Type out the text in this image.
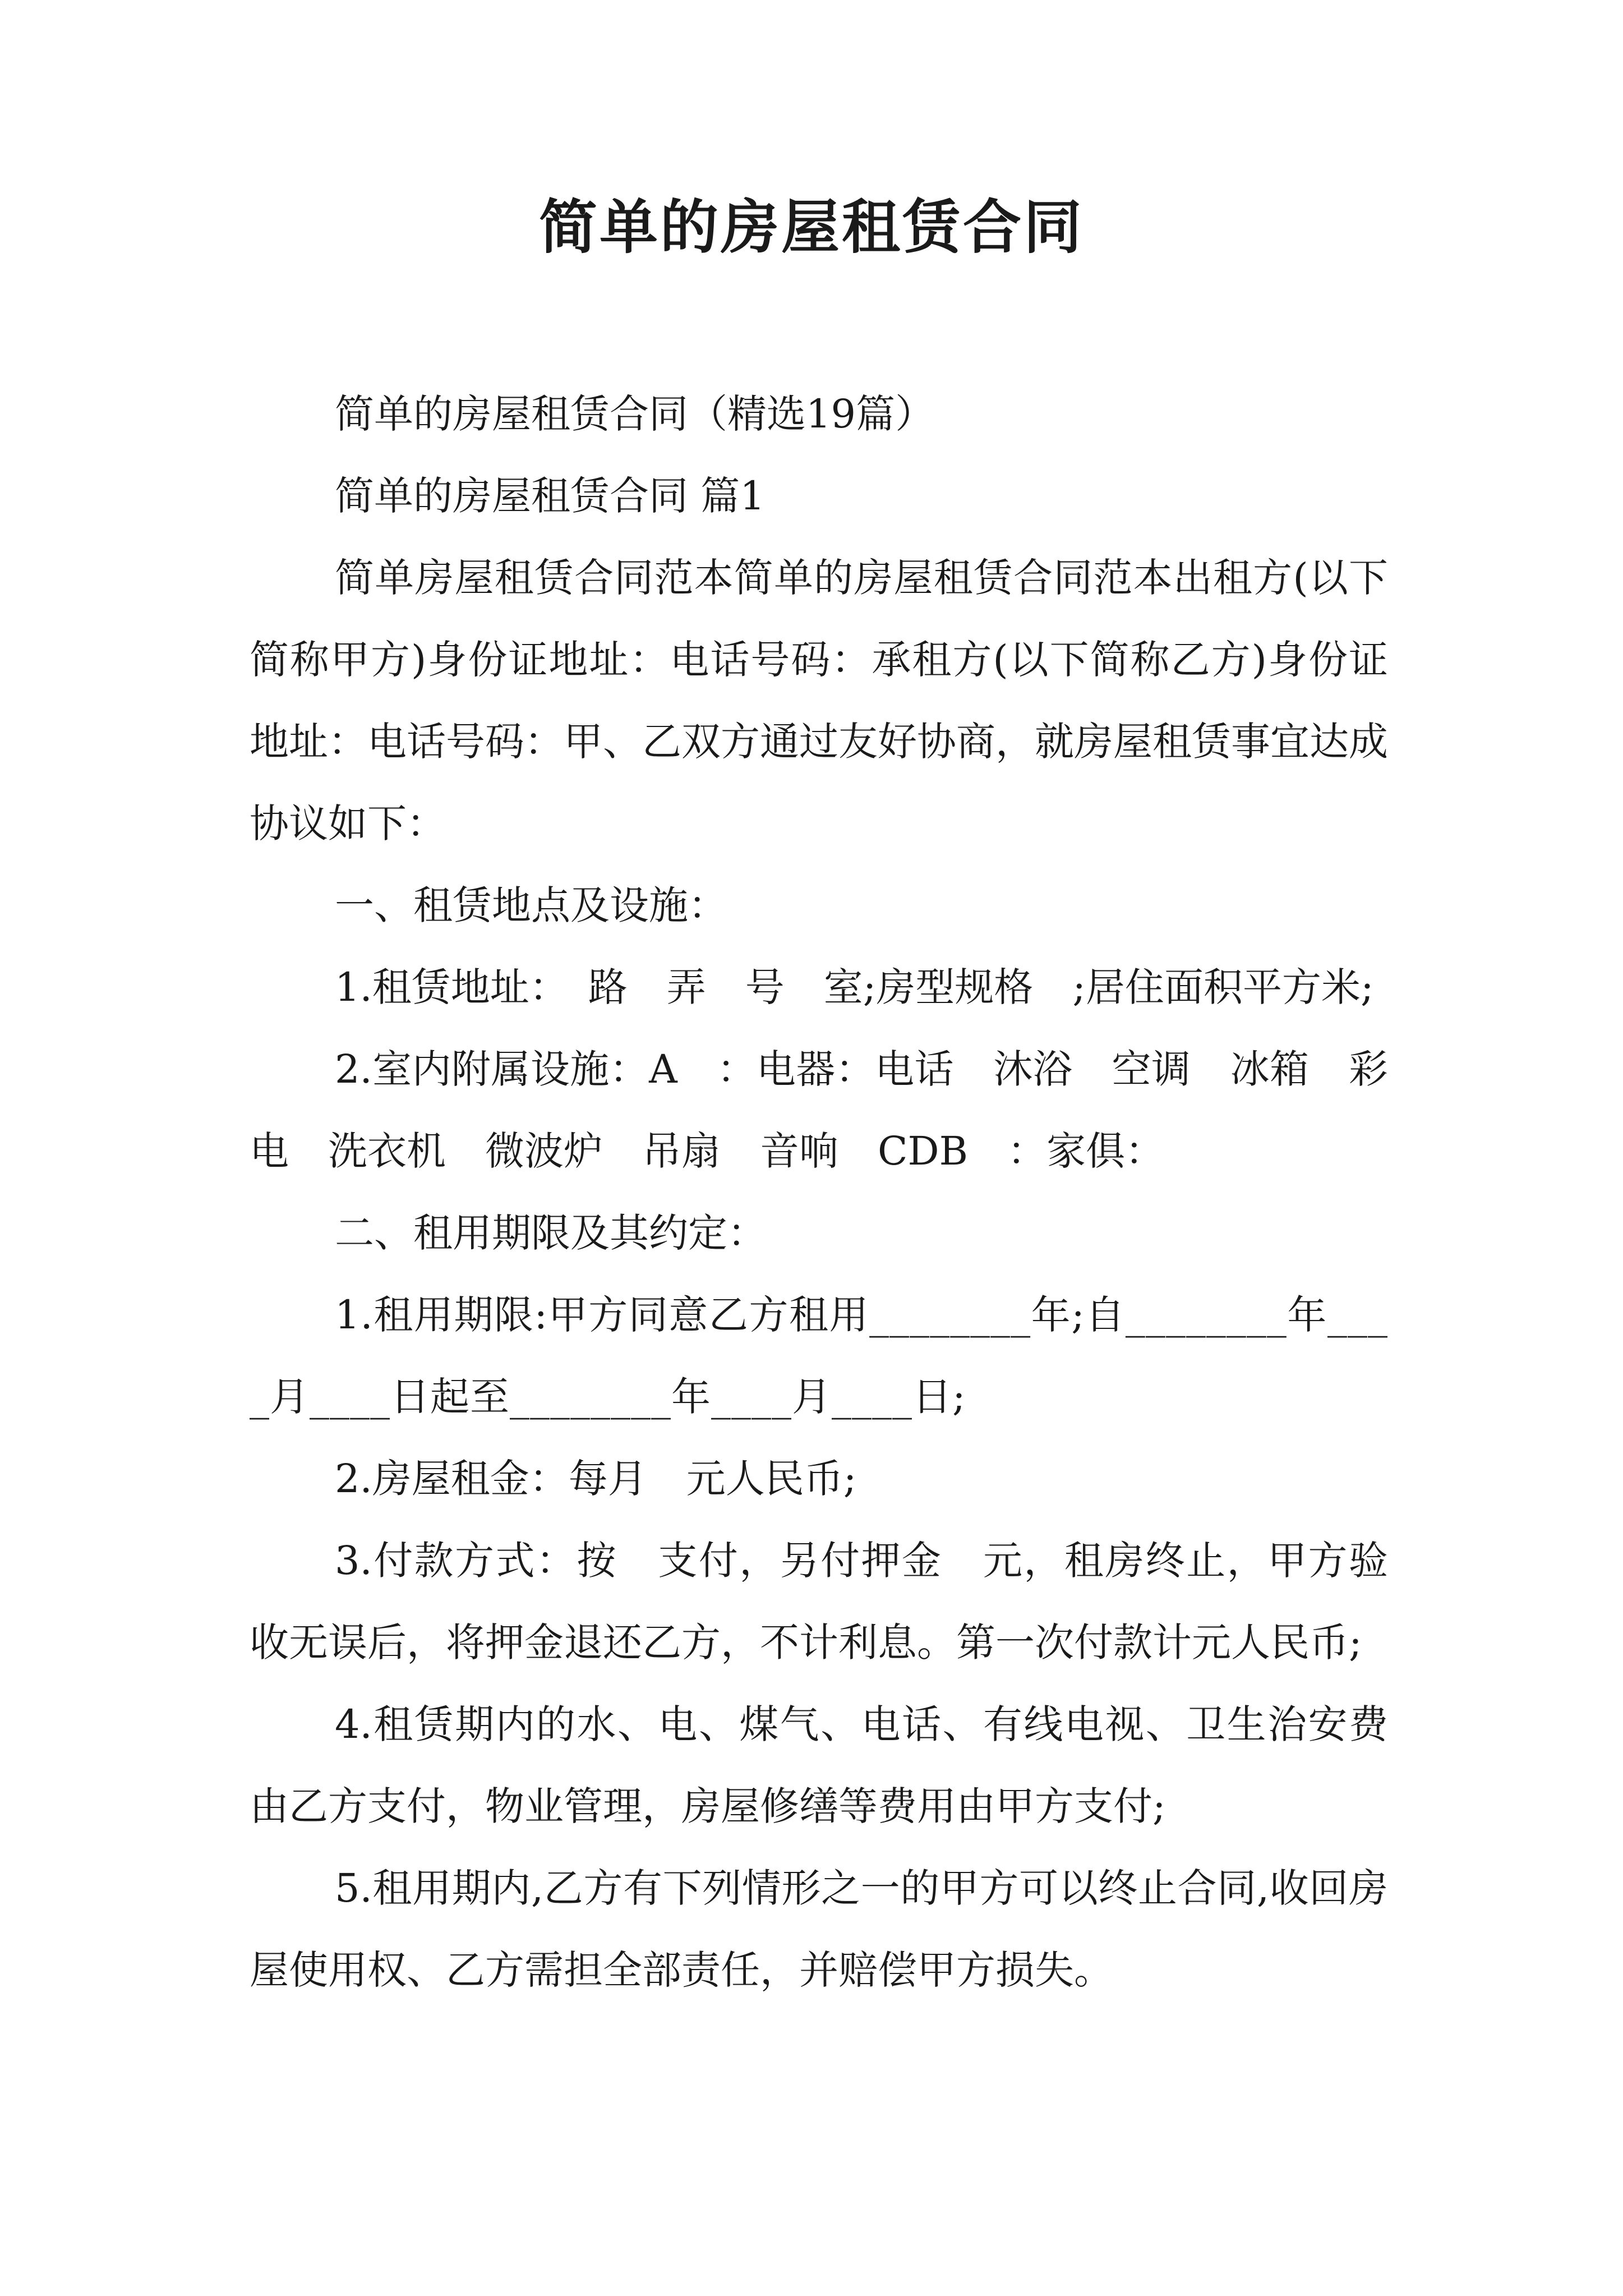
简单的房屋租赁合同

简单的房屋租赁合同（精选19篇）

简单的房屋租赁合同 篇1

简单房屋租赁合同范本简单的房屋租赁合同范本出租方(以下简称甲方)身份证地址：电话号码：承租方(以下简称乙方)身份证地址：电话号码：甲、乙双方通过友好协商，就房屋租赁事宜达成协议如下：

一、租赁地点及设施：

1.租赁地址：　路　弄　号　室;房型规格　;居住面积平方米;

2.室内附属设施：A　：电器：电话　沐浴　空调　冰箱　彩电　洗衣机　微波炉　吊扇　音响　CDB　：家俱：

二、租用期限及其约定：

1.租用期限:甲方同意乙方租用________年;自________年____月____日起至________年____月____日;

2.房屋租金：每月　元人民币;

3.付款方式：按　支付，另付押金　元，租房终止，甲方验收无误后，将押金退还乙方，不计利息。第一次付款计元人民币;

4.租赁期内的水、电、煤气、电话、有线电视、卫生治安费由乙方支付，物业管理，房屋修缮等费用由甲方支付;

5.租用期内,乙方有下列情形之一的甲方可以终止合同,收回房屋使用权、乙方需担全部责任，并赔偿甲方损失。
